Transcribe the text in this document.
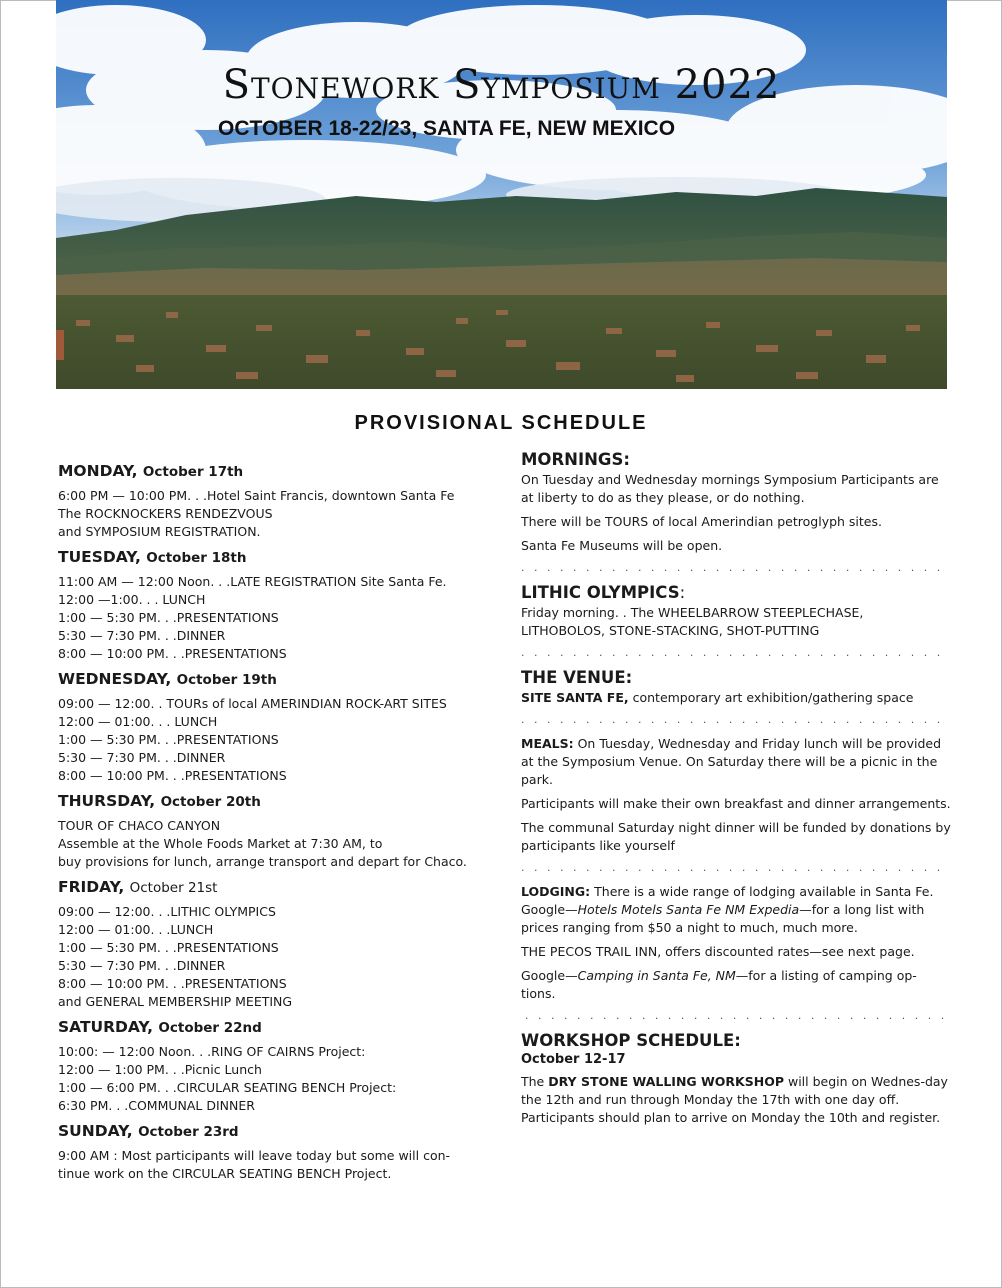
Stonework Symposium 2022
OCTOBER 18-22/23, SANTA FE, NEW MEXICO
PROVISIONAL SCHEDULE
MONDAY, October 17th
6:00 PM — 10:00 PM. . .Hotel Saint Francis, downtown Santa Fe
The ROCKNOCKERS RENDEZVOUS
and SYMPOSIUM REGISTRATION.
TUESDAY, October 18th
11:00 AM — 12:00 Noon. . .LATE REGISTRATION Site Santa Fe.
12:00 —1:00. . . LUNCH
1:00 — 5:30 PM. . .PRESENTATIONS
5:30 — 7:30 PM. . .DINNER
8:00 — 10:00 PM. . .PRESENTATIONS
WEDNESDAY, October 19th
09:00 — 12:00. . TOURs of local AMERINDIAN ROCK-ART SITES
12:00 — 01:00. . . LUNCH
1:00 — 5:30 PM. . .PRESENTATIONS
5:30 — 7:30 PM. . .DINNER
8:00 — 10:00 PM. . .PRESENTATIONS
THURSDAY, October 20th
TOUR OF CHACO CANYON
Assemble at the Whole Foods Market at 7:30 AM, to
buy provisions for lunch, arrange transport and depart for Chaco.
FRIDAY, October 21st
09:00 — 12:00. . .LITHIC OLYMPICS
12:00 — 01:00. . .LUNCH
1:00 — 5:30 PM. . .PRESENTATIONS
5:30 — 7:30 PM. . .DINNER
8:00 — 10:00 PM. . .PRESENTATIONS
and GENERAL MEMBERSHIP MEETING
SATURDAY, October 22nd
10:00: — 12:00 Noon. . .RING OF CAIRNS Project:
12:00 — 1:00 PM. . .Picnic Lunch
1:00 — 6:00 PM. . .CIRCULAR SEATING BENCH Project:
6:30 PM. . .COMMUNAL DINNER
SUNDAY, October 23rd
9:00 AM : Most participants will leave today but some will con-
tinue work on the CIRCULAR SEATING BENCH Project.
MORNINGS:
On Tuesday and Wednesday mornings Symposium Participants are at liberty to do as they please, or do nothing.
There will be TOURS of local Amerindian petroglyph sites.
Santa Fe Museums will be open.
. . . . . . . . . . . . . . . . . . . . . . . . . . . . . . . . .
LITHIC OLYMPICS:
Friday morning. . The WHEELBARROW STEEPLECHASE,
LITHOBOLOS, STONE-STACKING, SHOT-PUTTING
. . . . . . . . . . . . . . . . . . . . . . . . . . . . . . . . .
THE VENUE:
SITE SANTA FE, contemporary art exhibition/gathering space
. . . . . . . . . . . . . . . . . . . . . . . . . . . . . . . . .
MEALS: On Tuesday, Wednesday and Friday lunch will be provided at the Symposium Venue. On Saturday there will be a picnic in the park.
Participants will make their own breakfast and dinner arrangements.
The communal Saturday night dinner will be funded by donations by participants like yourself
. . . . . . . . . . . . . . . . . . . . . . . . . . . . . . . . .
LODGING: There is a wide range of lodging available in Santa Fe. Google—Hotels Motels Santa Fe NM Expedia—for a long list with prices ranging from $50 a night to much, much more.
THE PECOS TRAIL INN, offers discounted rates—see next page.
Google—Camping in Santa Fe, NM—for a listing of camping op-tions.
. . . . . . . . . . . . . . . . . . . . . . . . . . . . . . . . .
WORKSHOP SCHEDULE:
October 12-17
The DRY STONE WALLING WORKSHOP will begin on Wednes-day the 12th and run through Monday the 17th with one day off. Participants should plan to arrive on Monday the 10th and register.
